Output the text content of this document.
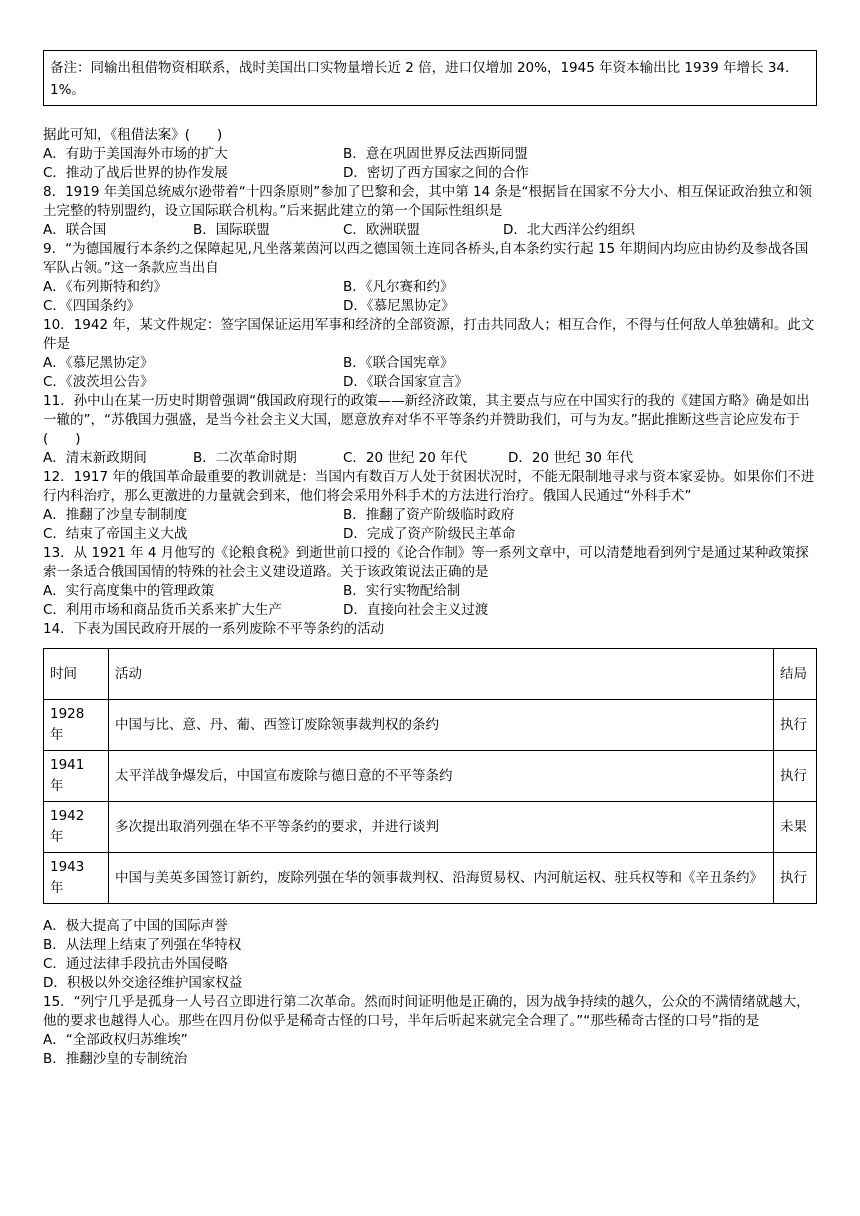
备注：同输出租借物资相联系，战时美国出口实物量增长近 2 倍，进口仅增加 20%，1945 年资本输出比 1939 年增长 34．1%。
据此可知，《租借法案》(　　)
A．有助于美国海外市场的扩大	B．意在巩固世界反法西斯同盟
C．推动了战后世界的协作发展	D．密切了西方国家之间的合作
8．1919 年美国总统威尔逊带着“十四条原则”参加了巴黎和会，其中第 14 条是“根据旨在国家不分大小、相互保证政治独立和领土完整的特别盟约，设立国际联合机构。”后来据此建立的第一个国际性组织是
A．联合国	B．国际联盟	C．欧洲联盟	D．北大西洋公约组织
9．“为德国履行本条约之保障起见,凡坐落莱茵河以西之德国领土连同各桥头,自本条约实行起 15 年期间内均应由协约及参战各国军队占领。”这一条款应当出自
A．《布列斯特和约》	B．《凡尔赛和约》
C．《四国条约》	D．《慕尼黑协定》
10．1942 年，某文件规定：签字国保证运用军事和经济的全部资源，打击共同敌人；相互合作，不得与任何敌人单独媾和。此文件是
A．《慕尼黑协定》	B．《联合国宪章》
C．《波茨坦公告》	D．《联合国家宣言》
11．孙中山在某一历史时期曾强调“俄国政府现行的政策——新经济政策，其主要点与应在中国实行的我的《建国方略》确是如出一辙的”，“苏俄国力强盛，是当今社会主义大国，愿意放弃对华不平等条约并赞助我们，可与为友。”据此推断这些言论应发布于(　　)
A．清末新政期间	B．二次革命时期	C．20 世纪 20 年代	D．20 世纪 30 年代
12．1917 年的俄国革命最重要的教训就是：当国内有数百万人处于贫困状况时，不能无限制地寻求与资本家妥协。如果你们不进行内科治疗，那么更激进的力量就会到来，他们将会采用外科手术的方法进行治疗。俄国人民通过“外科手术”
A．推翻了沙皇专制制度	B．推翻了资产阶级临时政府
C．结束了帝国主义大战	D．完成了资产阶级民主革命
13．从 1921 年 4 月他写的《论粮食税》到逝世前口授的《论合作制》等一系列文章中，可以清楚地看到列宁是通过某种政策探索一条适合俄国国情的特殊的社会主义建设道路。关于该政策说法正确的是
A．实行高度集中的管理政策	B．实行实物配给制
C．利用市场和商品货币关系来扩大生产	D．直接向社会主义过渡
14．下表为国民政府开展的一系列废除不平等条约的活动
时间	活动	结局
1928 年	中国与比、意、丹、葡、西签订废除领事裁判权的条约	执行
1941 年	太平洋战争爆发后，中国宣布废除与德日意的不平等条约	执行
1942 年	多次提出取消列强在华不平等条约的要求，并进行谈判	未果
1943 年	中国与美英多国签订新约，废除列强在华的领事裁判权、沿海贸易权、内河航运权、驻兵权等和《辛丑条约》	执行
A．极大提高了中国的国际声誉
B．从法理上结束了列强在华特权
C．通过法律手段抗击外国侵略
D．积极以外交途径维护国家权益
15．“列宁几乎是孤身一人号召立即进行第二次革命。然而时间证明他是正确的，因为战争持续的越久，公众的不满情绪就越大，他的要求也越得人心。那些在四月份似乎是稀奇古怪的口号，半年后听起来就完全合理了。”“那些稀奇古怪的口号”指的是
A．“全部政权归苏维埃”
B．推翻沙皇的专制统治
